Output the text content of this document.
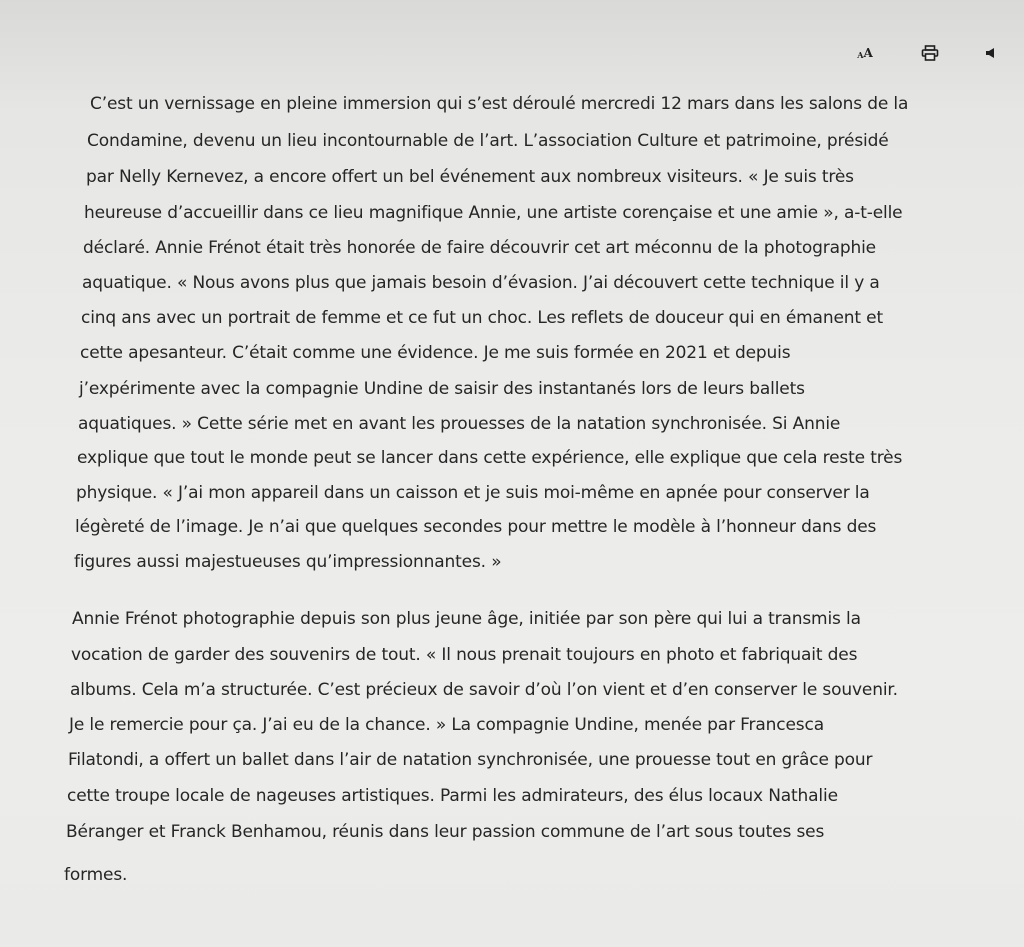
A A
C’est un vernissage en pleine immersion qui s’est déroulé mercredi 12 mars dans les salons de la
Condamine, devenu un lieu incontournable de l’art. L’association Culture et patrimoine, présidé
par Nelly Kernevez, a encore offert un bel événement aux nombreux visiteurs. « Je suis très
heureuse d’accueillir dans ce lieu magnifique Annie, une artiste corençaise et une amie », a-t-elle
déclaré. Annie Frénot était très honorée de faire découvrir cet art méconnu de la photographie
aquatique. « Nous avons plus que jamais besoin d’évasion. J’ai découvert cette technique il y a
cinq ans avec un portrait de femme et ce fut un choc. Les reflets de douceur qui en émanent et
cette apesanteur. C’était comme une évidence. Je me suis formée en 2021 et depuis
j’expérimente avec la compagnie Undine de saisir des instantanés lors de leurs ballets
aquatiques. » Cette série met en avant les prouesses de la natation synchronisée. Si Annie
explique que tout le monde peut se lancer dans cette expérience, elle explique que cela reste très
physique. « J’ai mon appareil dans un caisson et je suis moi-même en apnée pour conserver la
légèreté de l’image. Je n’ai que quelques secondes pour mettre le modèle à l’honneur dans des
figures aussi majestueuses qu’impressionnantes. »
Annie Frénot photographie depuis son plus jeune âge, initiée par son père qui lui a transmis la
vocation de garder des souvenirs de tout. « Il nous prenait toujours en photo et fabriquait des
albums. Cela m’a structurée. C’est précieux de savoir d’où l’on vient et d’en conserver le souvenir.
Je le remercie pour ça. J’ai eu de la chance. » La compagnie Undine, menée par Francesca
Filatondi, a offert un ballet dans l’air de natation synchronisée, une prouesse tout en grâce pour
cette troupe locale de nageuses artistiques. Parmi les admirateurs, des élus locaux Nathalie
Béranger et Franck Benhamou, réunis dans leur passion commune de l’art sous toutes ses
formes.
